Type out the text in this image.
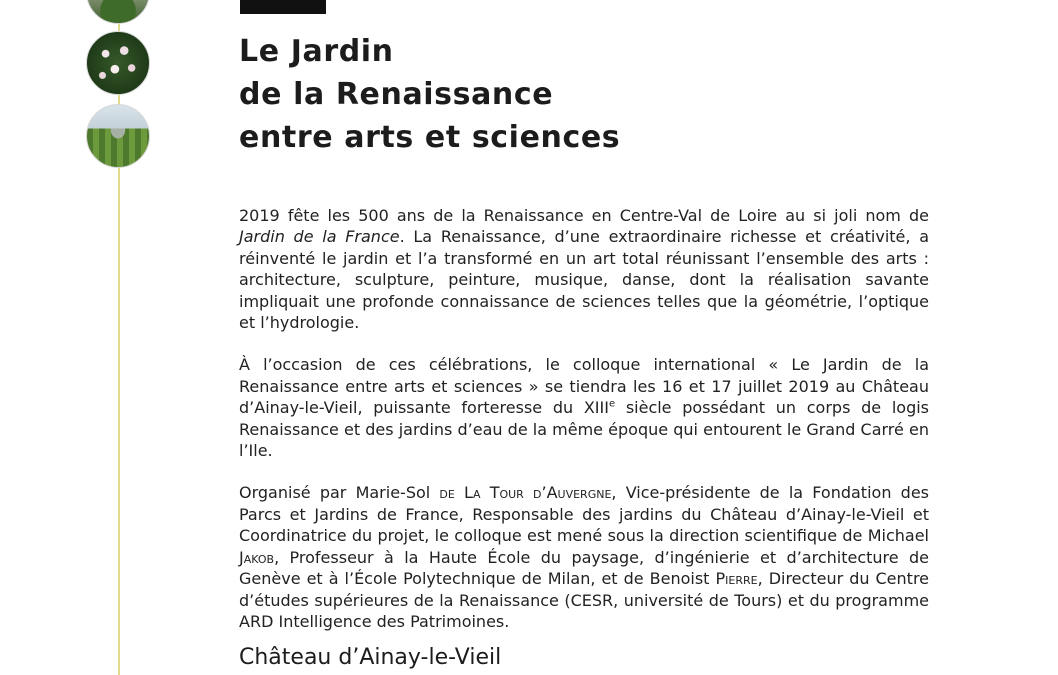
Le Jardin
de la Renaissance
entre arts et sciences

2019 fête les 500 ans de la Renaissance en Centre-Val de Loire au si joli nom de Jardin de la France. La Renaissance, d’une extraordinaire richesse et créativité, a réinventé le jardin et l’a transformé en un art total réunissant l’ensemble des arts : architecture, sculpture, peinture, musique, danse, dont la réalisation savante impliquait une profonde connaissance de sciences telles que la géométrie, l’optique et l’hydrologie.

À l’occasion de ces célébrations, le colloque international « Le Jardin de la Renaissance entre arts et sciences » se tiendra les 16 et 17 juillet 2019 au Château d’Ainay-le-Vieil, puissante forteresse du XIIIe siècle possédant un corps de logis Renaissance et des jardins d’eau de la même époque qui entourent le Grand Carré en l’Ile.

Organisé par Marie-Sol de La Tour d’Auvergne, Vice-présidente de la Fondation des Parcs et Jardins de France, Responsable des jardins du Château d’Ainay-le-Vieil et Coordinatrice du projet, le colloque est mené sous la direction scientifique de Michael Jakob, Professeur à la Haute École du paysage, d’ingénierie et d’architecture de Genève et à l’École Polytechnique de Milan, et de Benoist Pierre, Directeur du Centre d’études supérieures de la Renaissance (CESR, université de Tours) et du programme ARD Intelligence des Patrimoines.

Château d’Ainay-le-Vieil
